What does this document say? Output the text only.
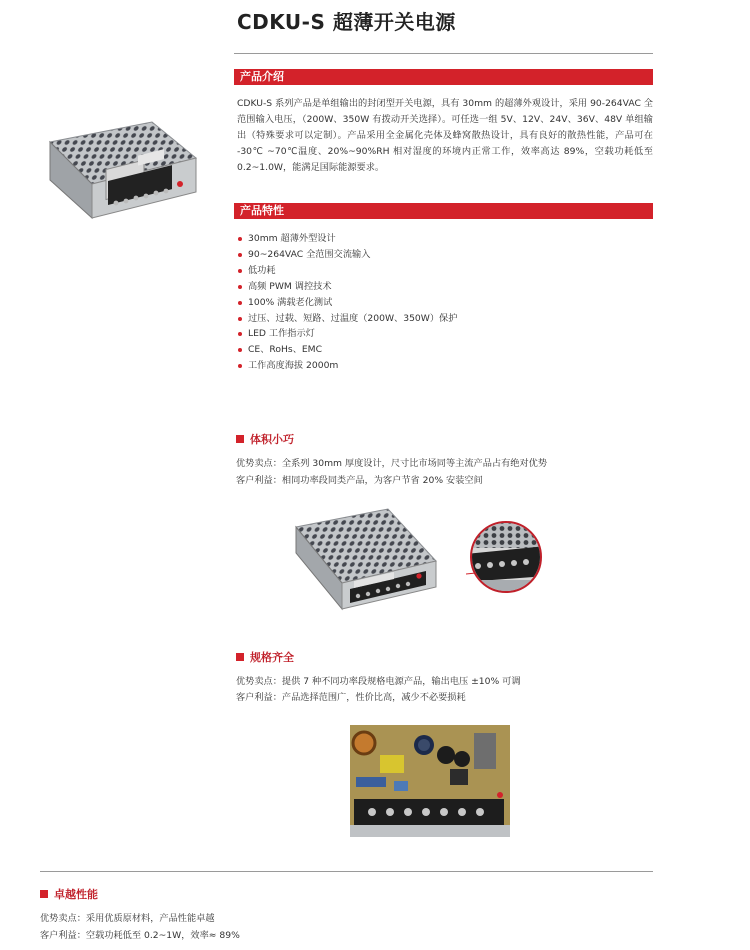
CDKU-S 超薄开关电源
产品介绍
CDKU-S 系列产品是单组输出的封闭型开关电源，具有 30mm 的超薄外观设计，采用 90-264VAC 全范围输入电压，（200W、350W 有拨动开关选择）。可任选一组 5V、12V、24V、36V、48V 单组输出（特殊要求可以定制）。产品采用全金属化壳体及蜂窝散热设计，具有良好的散热性能，产品可在 -30℃ ~70℃温度、20%~90%RH 相对湿度的环境内正常工作，效率高达 89%，空载功耗低至 0.2~1.0W，能满足国际能源要求。
产品特性
30mm 超薄外型设计
90~264VAC 全范围交流输入
低功耗
高频 PWM 调控技术
100% 满载老化测试
过压、过载、短路、过温度（200W、350W）保护
LED 工作指示灯
CE、RoHs、EMC
工作高度海拔 2000m
体积小巧
优势卖点：全系列 30mm 厚度设计，尺寸比市场同等主流产品占有绝对优势
客户利益：相同功率段同类产品，为客户节省 20% 安装空间
规格齐全
优势卖点：提供 7 种不同功率段规格电源产品，输出电压 ±10% 可调
客户利益：产品选择范围广，性价比高，减少不必要损耗
卓越性能
优势卖点：采用优质原材料，产品性能卓越
客户利益：空载功耗低至 0.2~1W，效率≈ 89%
